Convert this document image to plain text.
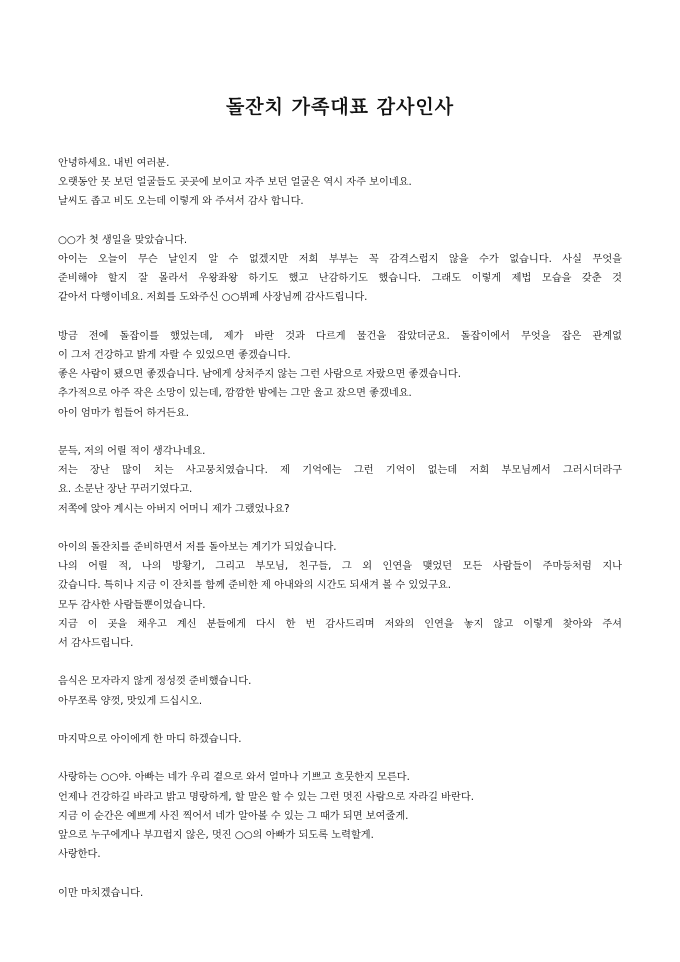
돌잔치 가족대표 감사인사
안녕하세요. 내빈 여러분.
오랫동안 못 보던 얼굴들도 곳곳에 보이고 자주 보던 얼굴은 역시 자주 보이네요.
날씨도 좁고 비도 오는데 이렇게 와 주셔서 감사 합니다.
○○가 첫 생일을 맞았습니다.
아이는 오늘이 무슨 날인지 알 수 없겠지만 저희 부부는 꼭 감격스럽지 않을 수가 없습니다. 사실 무엇을
준비해야 할지 잘 몰라서 우왕좌왕 하기도 했고 난감하기도 했습니다. 그래도 이렇게 제법 모습을 갖춘 것
같아서 다행이네요. 저희를 도와주신 ○○뷔페 사장님께 감사드립니다.
방금 전에 돌잡이를 했었는데, 제가 바란 것과 다르게 물건을 잡았더군요. 돌잡이에서 무엇을 잡은 관계없
이 그저 건강하고 밝게 자랄 수 있었으면 좋겠습니다.
좋은 사람이 됐으면 좋겠습니다. 남에게 상처주지 않는 그런 사람으로 자랐으면 좋겠습니다.
추가적으로 아주 작은 소망이 있는데, 깜깜한 밤에는 그만 울고 잤으면 좋겠네요.
아이 엄마가 힘들어 하거든요.
문득, 저의 어릴 적이 생각나네요.
저는 장난 많이 치는 사고뭉치였습니다. 제 기억에는 그런 기억이 없는데 저희 부모님께서 그러시더라구
요. 소문난 장난 꾸러기였다고.
저쪽에 앉아 계시는 아버지 어머니 제가 그랬었나요?
아이의 돌잔치를 준비하면서 저를 돌아보는 계기가 되었습니다.
나의 어릴 적, 나의 방황기, 그리고 부모님, 친구들, 그 외 인연을 맺었던 모든 사람들이 주마등처럼 지나
갔습니다. 특히나 지금 이 잔치를 함께 준비한 제 아내와의 시간도 되새겨 볼 수 있었구요.
모두 감사한 사람들뿐이었습니다.
지금 이 곳을 채우고 계신 분들에게 다시 한 번 감사드리며 저와의 인연을 놓지 않고 이렇게 찾아와 주셔
서 감사드립니다.
음식은 모자라지 않게 정성껏 준비했습니다.
아무쪼록 양껏, 맛있게 드십시오.
마지막으로 아이에게 한 마디 하겠습니다.
사랑하는 ○○야. 아빠는 네가 우리 곁으로 와서 얼마나 기쁘고 흐뭇한지 모른다.
언제나 건강하길 바라고 밝고 명랑하게, 할 말은 할 수 있는 그런 멋진 사람으로 자라길 바란다.
지금 이 순간은 예쁘게 사진 찍어서 네가 알아볼 수 있는 그 때가 되면 보여줄게.
앞으로 누구에게나 부끄럽지 않은, 멋진 ○○의 아빠가 되도록 노력할게.
사랑한다.
이만 마치겠습니다.
